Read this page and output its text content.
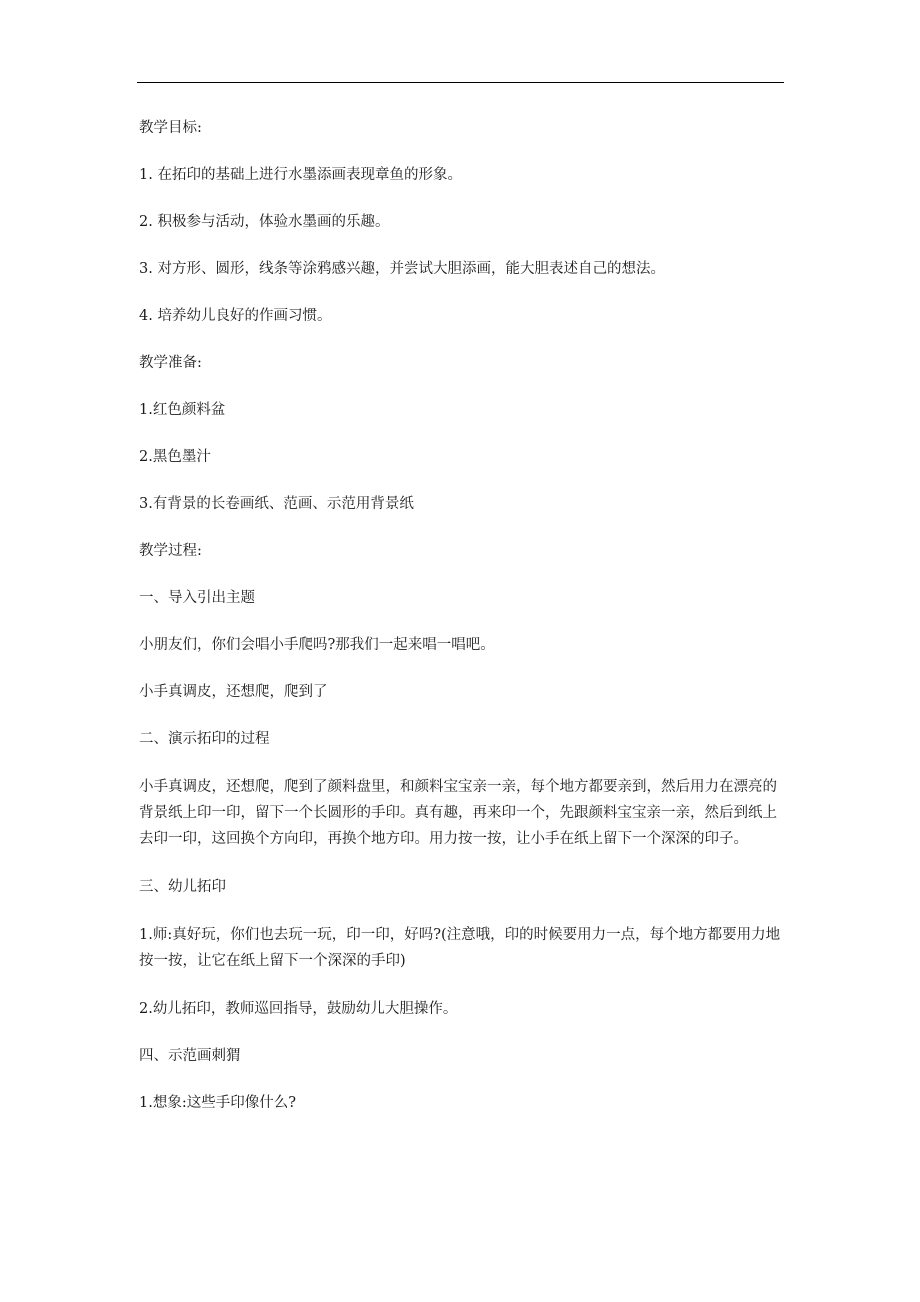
教学目标:

1. 在拓印的基础上进行水墨添画表现章鱼的形象。

2. 积极参与活动，体验水墨画的乐趣。

3. 对方形、圆形，线条等涂鸦感兴趣，并尝试大胆添画，能大胆表述自己的想法。

4. 培养幼儿良好的作画习惯。

教学准备:

1.红色颜料盆

2.黑色墨汁

3.有背景的长卷画纸、范画、示范用背景纸

教学过程:

一、导入引出主题

小朋友们，你们会唱小手爬吗?那我们一起来唱一唱吧。

小手真调皮，还想爬，爬到了

二、演示拓印的过程

小手真调皮，还想爬，爬到了颜料盘里，和颜料宝宝亲一亲，每个地方都要亲到，然后用力在漂亮的背景纸上印一印，留下一个长圆形的手印。真有趣，再来印一个，先跟颜料宝宝亲一亲，然后到纸上去印一印，这回换个方向印，再换个地方印。用力按一按，让小手在纸上留下一个深深的印子。

三、幼儿拓印

1.师:真好玩，你们也去玩一玩，印一印，好吗?(注意哦，印的时候要用力一点，每个地方都要用力地按一按，让它在纸上留下一个深深的手印)

2.幼儿拓印，教师巡回指导，鼓励幼儿大胆操作。

四、示范画刺猬

1.想象:这些手印像什么?
